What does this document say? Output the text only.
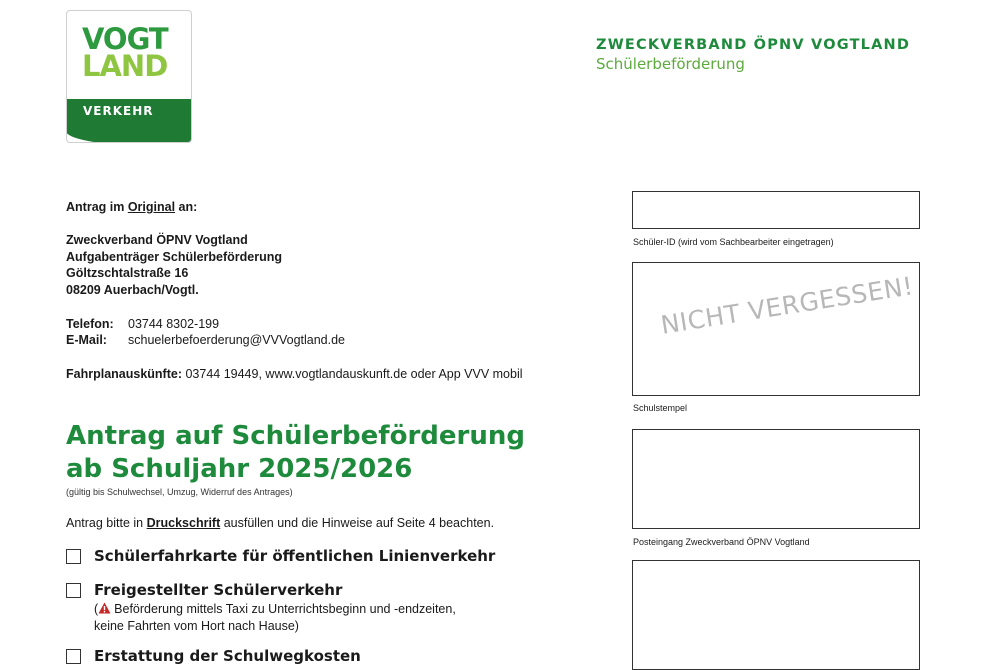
VOGT
LAND
VERKEHR
ZWECKVERBAND ÖPNV VOGTLAND
Schülerbeförderung
Antrag im Original an:
Zweckverband ÖPNV Vogtland
Aufgabenträger Schülerbeförderung
Göltzschtalstraße 16
08209 Auerbach/Vogtl.
Telefon: 03744 8302-199
E-Mail: schuelerbefoerderung@VVVogtland.de
Fahrplanauskünfte: 03744 19449, www.vogtlandauskunft.de oder App VVV mobil
Antrag auf Schülerbeförderung
ab Schuljahr 2025/2026
(gültig bis Schulwechsel, Umzug, Widerruf des Antrages)
Antrag bitte in Druckschrift ausfüllen und die Hinweise auf Seite 4 beachten.
Schülerfahrkarte für öffentlichen Linienverkehr
Freigestellter Schülerverkehr
( Beförderung mittels Taxi zu Unterrichtsbeginn und -endzeiten,
keine Fahrten vom Hort nach Hause)
Erstattung der Schulwegkosten
Schüler-ID (wird vom Sachbearbeiter eingetragen)
NICHT VERGESSEN!
Schulstempel
Posteingang Zweckverband ÖPNV Vogtland
